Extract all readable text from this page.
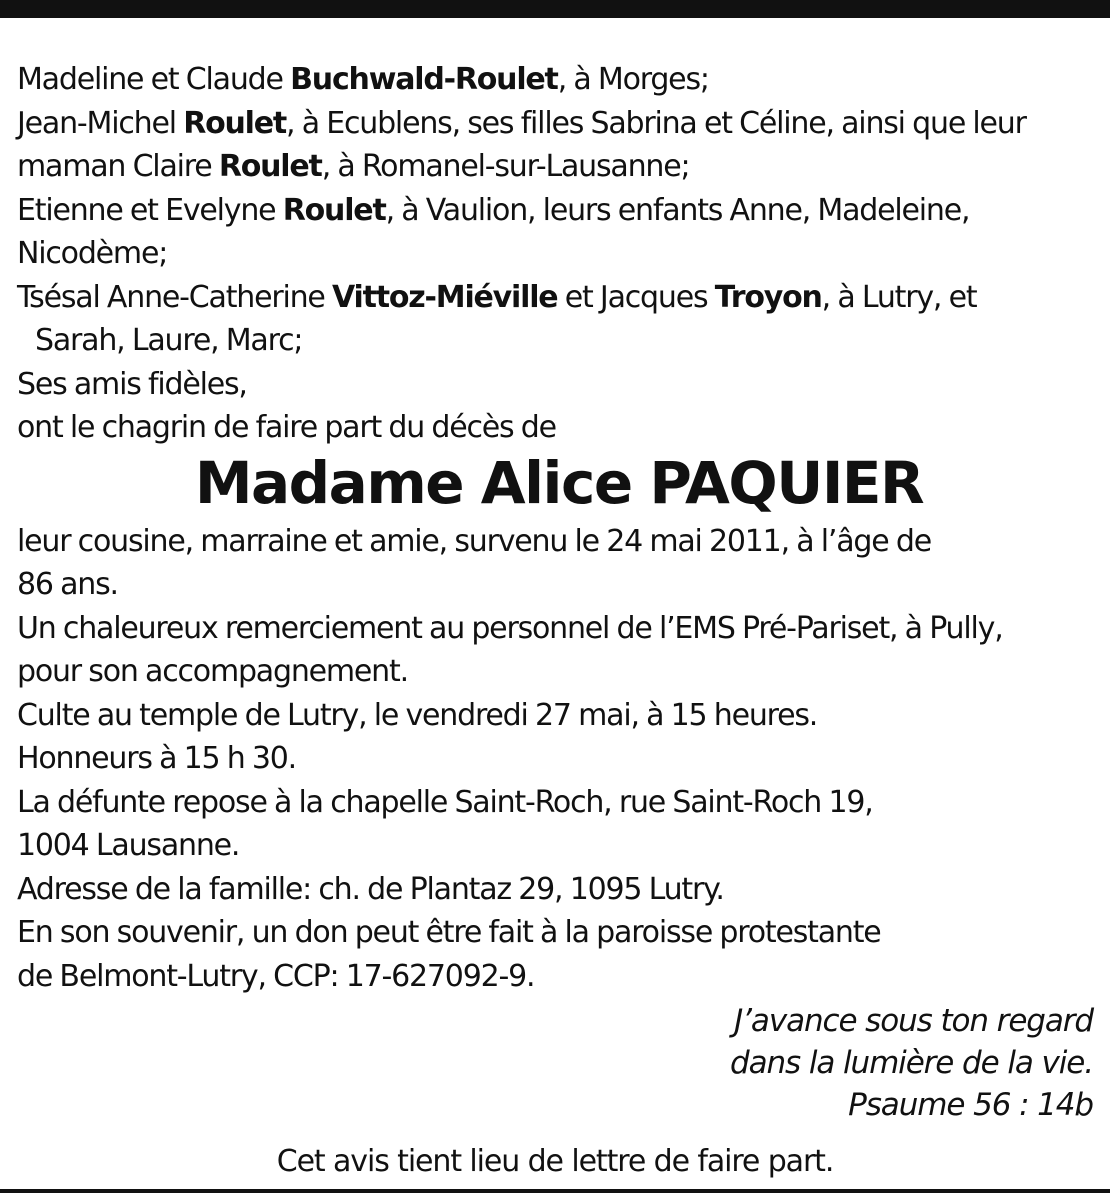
Madeline et Claude Buchwald-Roulet, à Morges;

Jean-Michel Roulet, à Ecublens, ses filles Sabrina et Céline, ainsi que leur

maman Claire Roulet, à Romanel-sur-Lausanne;

Etienne et Evelyne Roulet, à Vaulion, leurs enfants Anne, Madeleine,

Nicodème;

Tsésal Anne-Catherine Vittoz-Miéville et Jacques Troyon, à Lutry, et

Sarah, Laure, Marc;

Ses amis fidèles,

ont le chagrin de faire part du décès de

Madame Alice PAQUIER

leur cousine, marraine et amie, survenu le 24 mai 2011, à l’âge de

86 ans.

Un chaleureux remerciement au personnel de l’EMS Pré-Pariset, à Pully,

pour son accompagnement.

Culte au temple de Lutry, le vendredi 27 mai, à 15 heures.

Honneurs à 15 h 30.

La défunte repose à la chapelle Saint-Roch, rue Saint-Roch 19,

1004 Lausanne.

Adresse de la famille: ch. de Plantaz 29, 1095 Lutry.

En son souvenir, un don peut être fait à la paroisse protestante

de Belmont-Lutry, CCP: 17-627092-9.

J’avance sous ton regard
dans la lumière de la vie.
Psaume 56 : 14b
Cet avis tient lieu de lettre de faire part.
